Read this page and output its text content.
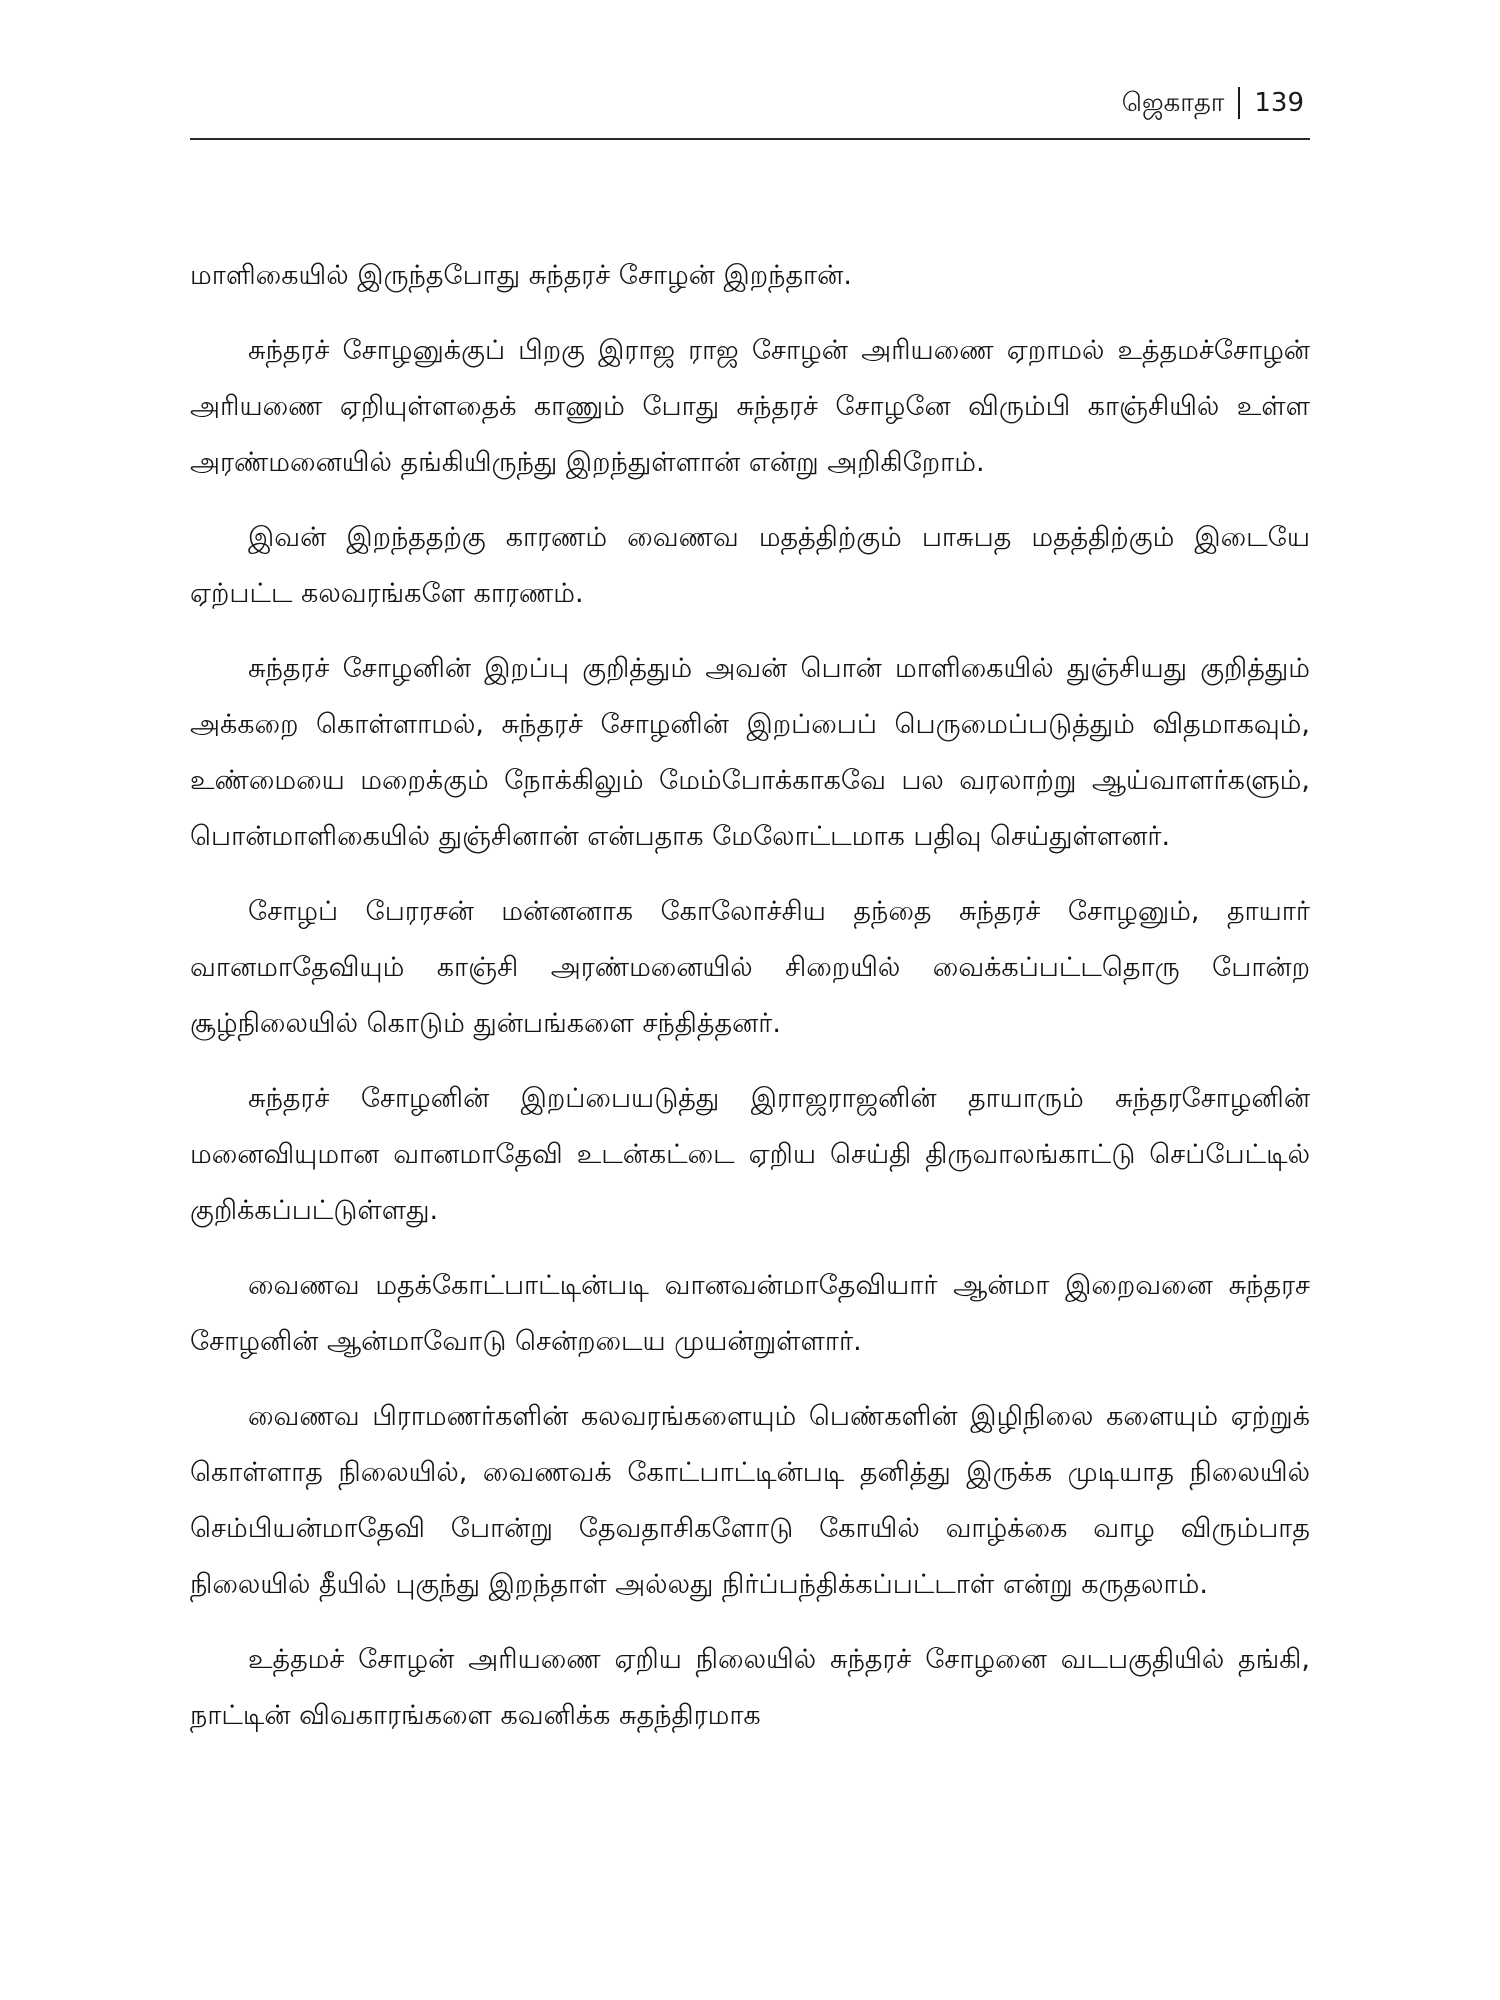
ஜெகாதா	139

மாளிகையில் இருந்தபோது சுந்தரச் சோழன் இறந்தான்.

சுந்தரச் சோழனுக்குப் பிறகு இராஜ ராஜ சோழன் அரியணை ஏறாமல் உத்தமச்சோழன் அரியணை ஏறியுள்ளதைக் காணும் போது சுந்தரச் சோழனே விரும்பி காஞ்சியில் உள்ள அரண்மனையில் தங்கியிருந்து இறந்துள்ளான் என்று அறிகிறோம்.

இவன் இறந்ததற்கு காரணம் வைணவ மதத்திற்கும் பாசுபத மதத்திற்கும் இடையே ஏற்பட்ட கலவரங்களே காரணம்.

சுந்தரச் சோழனின் இறப்பு குறித்தும் அவன் பொன் மாளிகையில் துஞ்சியது குறித்தும் அக்கறை கொள்ளாமல், சுந்தரச் சோழனின் இறப்பைப் பெருமைப்படுத்தும் விதமாகவும், உண்மையை மறைக்கும் நோக்கிலும் மேம்போக்காகவே பல வரலாற்று ஆய்வாளர்களும், பொன்மாளிகையில் துஞ்சினான் என்பதாக மேலோட்டமாக பதிவு செய்துள்ளனர்.

சோழப் பேரரசன் மன்னனாக கோலோச்சிய தந்தை சுந்தரச் சோழனும், தாயார் வானமாதேவியும் காஞ்சி அரண்மனையில் சிறையில் வைக்கப்பட்டதொரு போன்ற சூழ்நிலையில் கொடும் துன்பங்களை சந்தித்தனர்.

சுந்தரச் சோழனின் இறப்பையடுத்து இராஜராஜனின் தாயாரும் சுந்தரசோழனின் மனைவியுமான வானமாதேவி உடன்கட்டை ஏறிய செய்தி திருவாலங்காட்டு செப்பேட்டில் குறிக்கப்பட்டுள்ளது.

வைணவ மதக்கோட்பாட்டின்படி வானவன்மாதேவியார் ஆன்மா இறைவனை சுந்தரச சோழனின் ஆன்மாவோடு சென்றடைய முயன்றுள்ளார்.

வைணவ பிராமணர்களின் கலவரங்களையும் பெண்களின் இழிநிலை களையும் ஏற்றுக் கொள்ளாத நிலையில், வைணவக் கோட்பாட்டின்படி தனித்து இருக்க முடியாத நிலையில் செம்பியன்மாதேவி போன்று தேவதாசிகளோடு கோயில் வாழ்க்கை வாழ விரும்பாத நிலையில் தீயில் புகுந்து இறந்தாள் அல்லது நிர்ப்பந்திக்கப்பட்டாள் என்று கருதலாம்.

உத்தமச் சோழன் அரியணை ஏறிய நிலையில் சுந்தரச் சோழனை வடபகுதியில் தங்கி, நாட்டின் விவகாரங்களை கவனிக்க சுதந்திரமாக
